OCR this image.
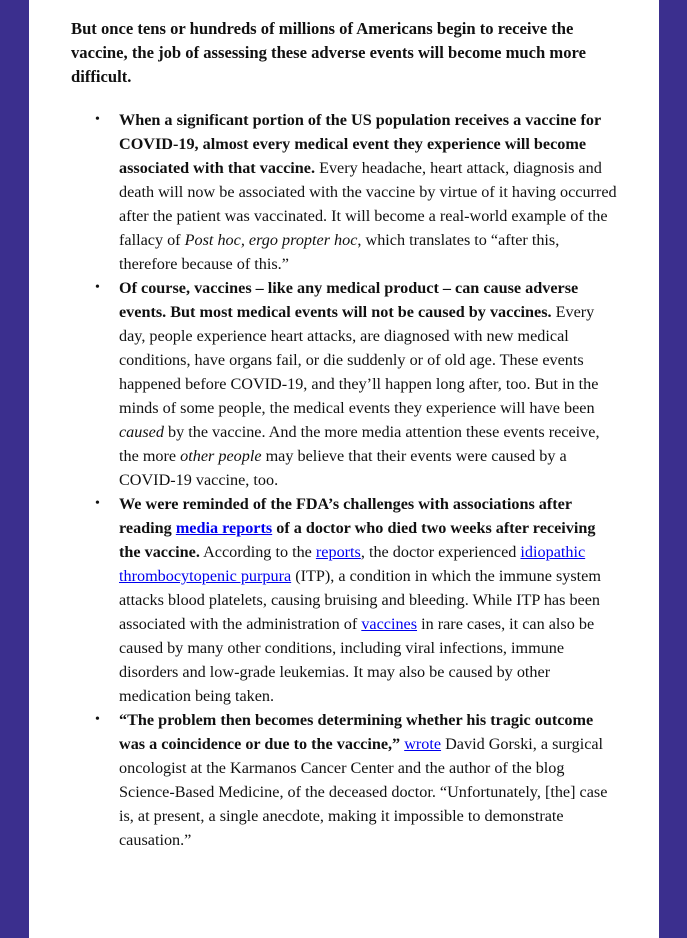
But once tens or hundreds of millions of Americans begin to receive the vaccine, the job of assessing these adverse events will become much more difficult.

• When a significant portion of the US population receives a vaccine for COVID-19, almost every medical event they experience will become associated with that vaccine. Every headache, heart attack, diagnosis and death will now be associated with the vaccine by virtue of it having occurred after the patient was vaccinated. It will become a real-world example of the fallacy of Post hoc, ergo propter hoc, which translates to “after this, therefore because of this.”
• Of course, vaccines – like any medical product – can cause adverse events. But most medical events will not be caused by vaccines. Every day, people experience heart attacks, are diagnosed with new medical conditions, have organs fail, or die suddenly or of old age. These events happened before COVID-19, and they’ll happen long after, too. But in the minds of some people, the medical events they experience will have been caused by the vaccine. And the more media attention these events receive, the more other people may believe that their events were caused by a COVID-19 vaccine, too.
• We were reminded of the FDA’s challenges with associations after reading media reports of a doctor who died two weeks after receiving the vaccine. According to the reports, the doctor experienced idiopathic thrombocytopenic purpura (ITP), a condition in which the immune system attacks blood platelets, causing bruising and bleeding. While ITP has been associated with the administration of vaccines in rare cases, it can also be caused by many other conditions, including viral infections, immune disorders and low-grade leukemias. It may also be caused by other medication being taken.
• “The problem then becomes determining whether his tragic outcome was a coincidence or due to the vaccine,” wrote David Gorski, a surgical oncologist at the Karmanos Cancer Center and the author of the blog Science-Based Medicine, of the deceased doctor. “Unfortunately, [the] case is, at present, a single anecdote, making it impossible to demonstrate causation.”
